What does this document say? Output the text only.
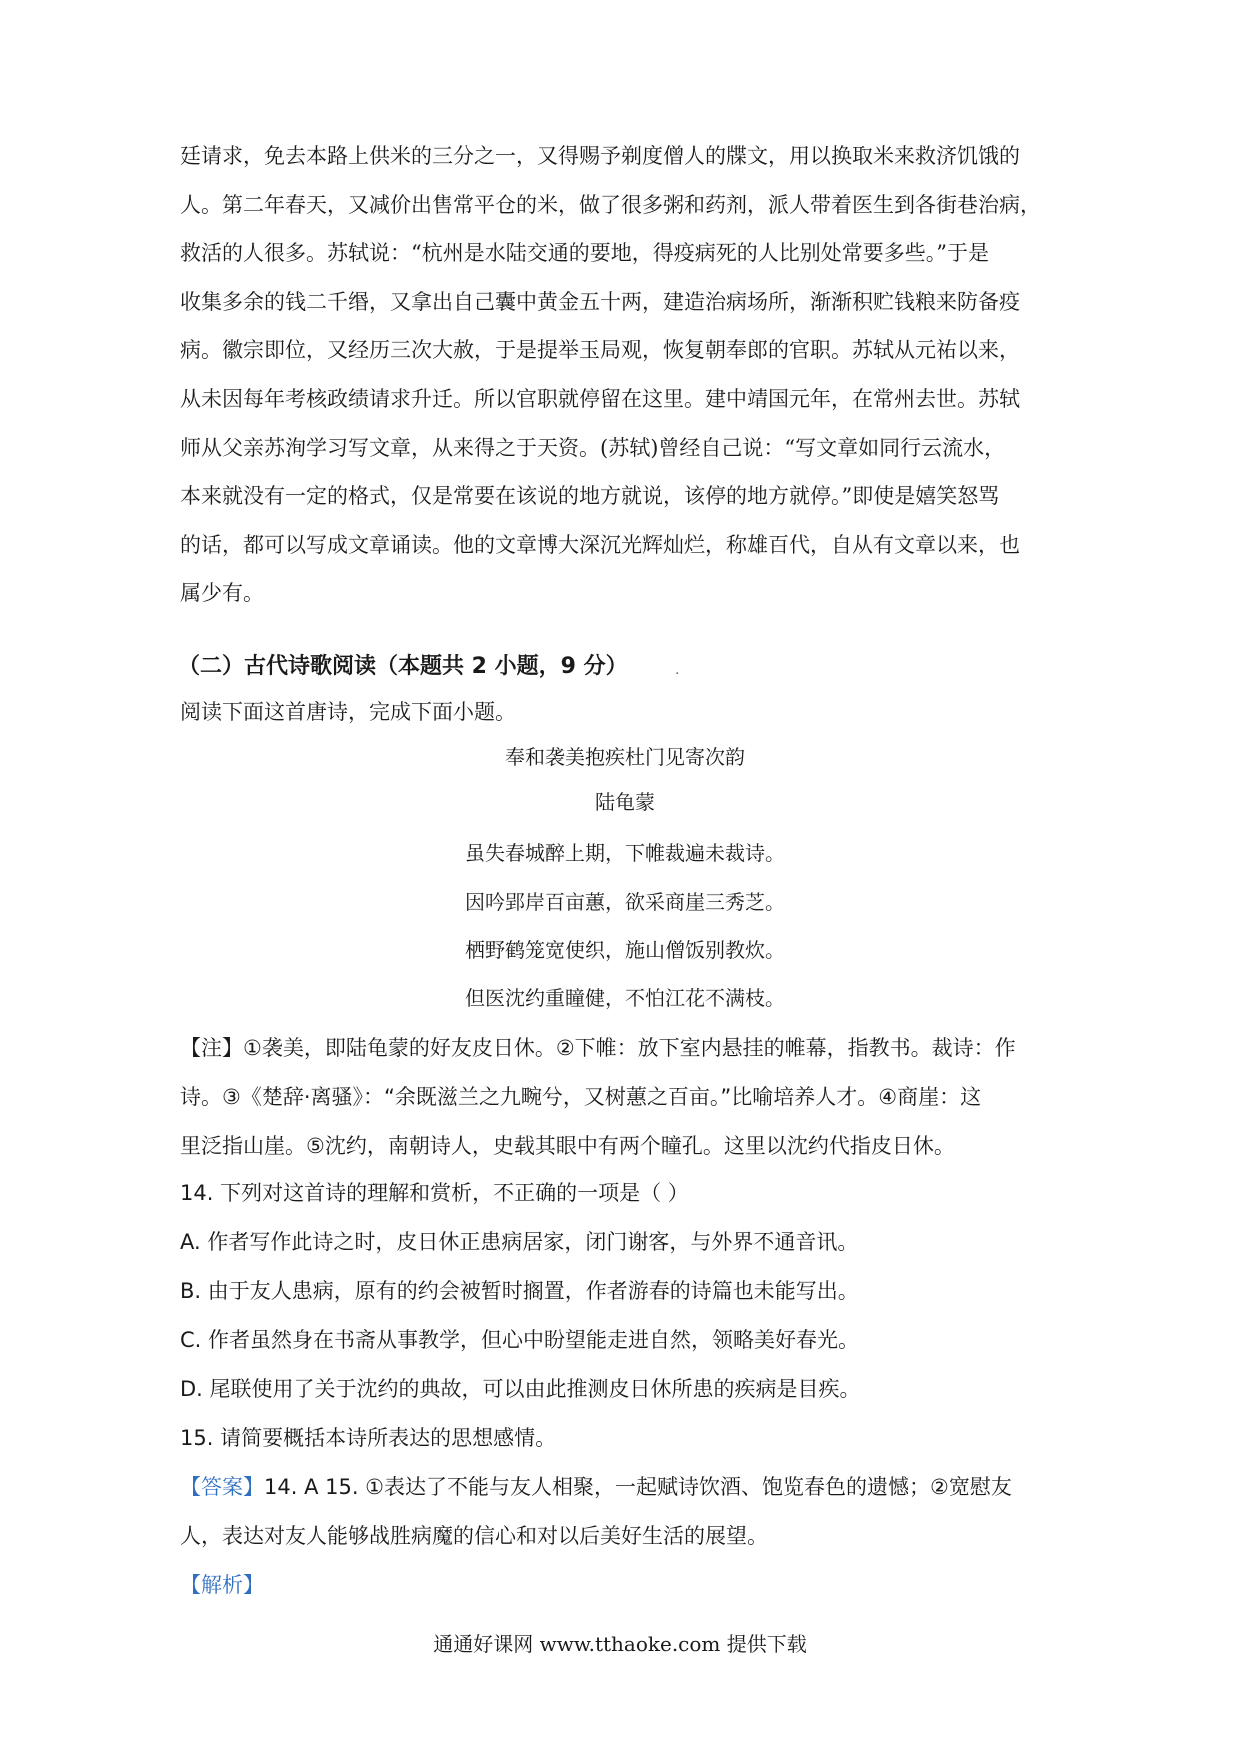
廷请求，免去本路上供米的三分之一，又得赐予剃度僧人的牒文，用以换取米来救济饥饿的
人。第二年春天，又减价出售常平仓的米，做了很多粥和药剂，派人带着医生到各街巷治病，
救活的人很多。苏轼说：“杭州是水陆交通的要地，得疫病死的人比别处常要多些。”于是
收集多余的钱二千缗，又拿出自己囊中黄金五十两，建造治病场所，渐渐积贮钱粮来防备疫
病。徽宗即位，又经历三次大赦，于是提举玉局观，恢复朝奉郎的官职。苏轼从元祐以来，
从未因每年考核政绩请求升迁。所以官职就停留在这里。建中靖国元年，在常州去世。苏轼
师从父亲苏洵学习写文章，从来得之于天资。(苏轼)曾经自己说：“写文章如同行云流水，
本来就没有一定的格式，仅是常要在该说的地方就说，该停的地方就停。”即使是嬉笑怒骂
的话，都可以写成文章诵读。他的文章博大深沉光辉灿烂，称雄百代，自从有文章以来，也
属少有。

（二）古代诗歌阅读（本题共 2 小题，9 分）	.
阅读下面这首唐诗，完成下面小题。
奉和袭美抱疾杜门见寄次韵
陆龟蒙
虽失春城醉上期，下帷裁遍未裁诗。
因吟郢岸百亩蕙，欲采商崖三秀芝。
栖野鹤笼宽使织，施山僧饭别教炊。
但医沈约重瞳健，不怕江花不满枝。
【注】①袭美，即陆龟蒙的好友皮日休。②下帷：放下室内悬挂的帷幕，指教书。裁诗：作
诗。③《楚辞·离骚》：“余既滋兰之九畹兮，又树蕙之百亩。”比喻培养人才。④商崖：这
里泛指山崖。⑤沈约，南朝诗人，史载其眼中有两个瞳孔。这里以沈约代指皮日休。
14. 下列对这首诗的理解和赏析，不正确的一项是（ ）
A. 作者写作此诗之时，皮日休正患病居家，闭门谢客，与外界不通音讯。
B. 由于友人患病，原有的约会被暂时搁置，作者游春的诗篇也未能写出。
C. 作者虽然身在书斋从事教学，但心中盼望能走进自然，领略美好春光。
D. 尾联使用了关于沈约的典故，可以由此推测皮日休所患的疾病是目疾。
15. 请简要概括本诗所表达的思想感情。
【答案】14. A 15. ①表达了不能与友人相聚，一起赋诗饮酒、饱览春色的遗憾；②宽慰友
人，表达对友人能够战胜病魔的信心和对以后美好生活的展望。
【解析】
通通好课网 www.tthaoke.com 提供下载
